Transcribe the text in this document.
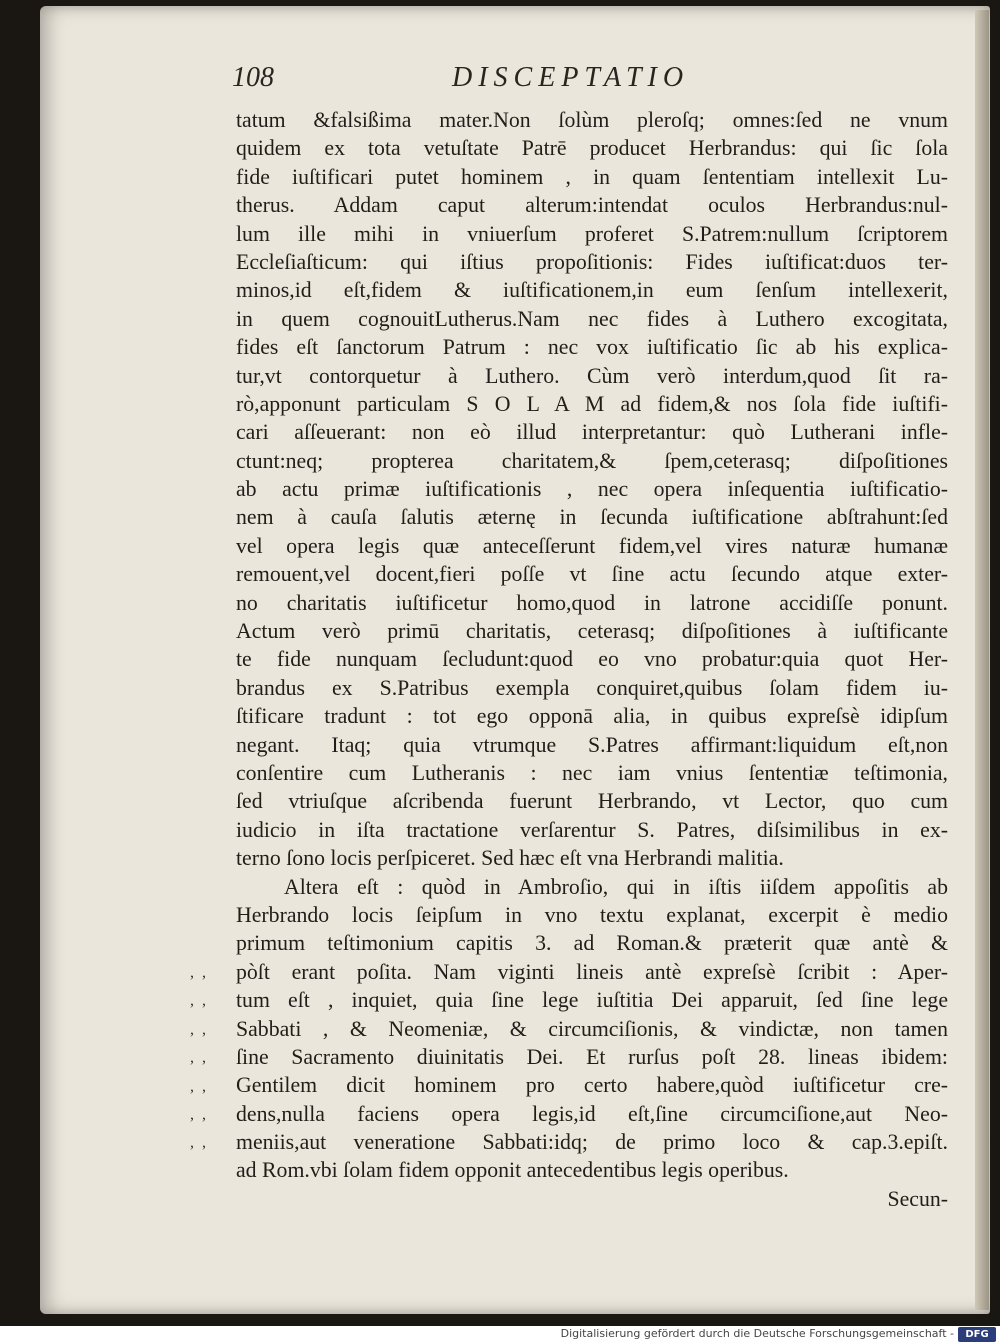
108	DISCEPTATIO
tatum &falsißima mater.Non ſolùm pleroſq; omnes:ſed ne vnum
quidem ex tota vetuſtate Patrē producet Herbrandus: qui ſic ſola
fide iuſtificari putet hominem , in quam ſententiam intellexit Lu-
therus. Addam caput alterum:intendat oculos Herbrandus:nul-
lum ille mihi in vniuerſum proferet S.Patrem:nullum ſcriptorem
Eccleſiaſticum: qui iſtius propoſitionis: Fides iuſtificat:duos ter-
minos,id eſt,fidem & iuſtificationem,in eum ſenſum intellexerit,
in quem cognouitLutherus.Nam nec fides à Luthero excogitata,
fides eſt ſanctorum Patrum : nec vox iuſtificatio ſic ab his explica-
tur,vt contorquetur à Luthero. Cùm verò interdum,quod ſit ra-
rò,apponunt particulam S O L A M ad fidem,& nos ſola fide iuſtifi-
cari aſſeuerant: non eò illud interpretantur: quò Lutherani infle-
ctunt:neq; propterea charitatem,& ſpem,ceterasq; diſpoſitiones
ab actu primæ iuſtificationis , nec opera inſequentia iuſtificatio-
nem à cauſa ſalutis æternę in ſecunda iuſtificatione abſtrahunt:ſed
vel opera legis quæ anteceſſerunt fidem,vel vires naturæ humanæ
remouent,vel docent,fieri poſſe vt ſine actu ſecundo atque exter-
no charitatis iuſtificetur homo,quod in latrone accidiſſe ponunt.
Actum verò primū charitatis, ceterasq; diſpoſitiones à iuſtificante
te fide nunquam ſecludunt:quod eo vno probatur:quia quot Her-
brandus ex S.Patribus exempla conquiret,quibus ſolam fidem iu-
ſtificare tradunt : tot ego opponā alia, in quibus expreſsè idipſum
negant. Itaq; quia vtrumque S.Patres affirmant:liquidum eſt,non
conſentire cum Lutheranis : nec iam vnius ſententiæ teſtimonia,
ſed vtriuſque aſcribenda fuerunt Herbrando, vt Lector, quo cum
iudicio in iſta tractatione verſarentur S. Patres, diſsimilibus in ex-
terno ſono locis perſpiceret. Sed hæc eſt vna Herbrandi malitia.
Altera eſt : quòd in Ambroſio, qui in iſtis iiſdem appoſitis ab
Herbrando locis ſeipſum in vno textu explanat, excerpit è medio
primum teſtimonium capitis 3. ad Roman.& præterit quæ antè &
pòſt erant poſita. Nam viginti lineis antè expreſsè ſcribit : Aper-
tum eſt , inquiet, quia ſine lege iuſtitia Dei apparuit, ſed ſine lege
Sabbati , & Neomeniæ, & circumciſionis, & vindictæ, non tamen
ſine Sacramento diuinitatis Dei. Et rurſus poſt 28. lineas ibidem:
Gentilem dicit hominem pro certo habere,quòd iuſtificetur cre-
dens,nulla faciens opera legis,id eſt,ſine circumciſione,aut Neo-
meniis,aut veneratione Sabbati:idq; de primo loco & cap.3.epiſt.
ad Rom.vbi ſolam fidem opponit antecedentibus legis operibus.
Secun-
, ,
, ,
, ,
, ,
, ,
, ,
, ,
Digitalisierung gefördert durch die Deutsche Forschungsgemeinschaft -	DFG
